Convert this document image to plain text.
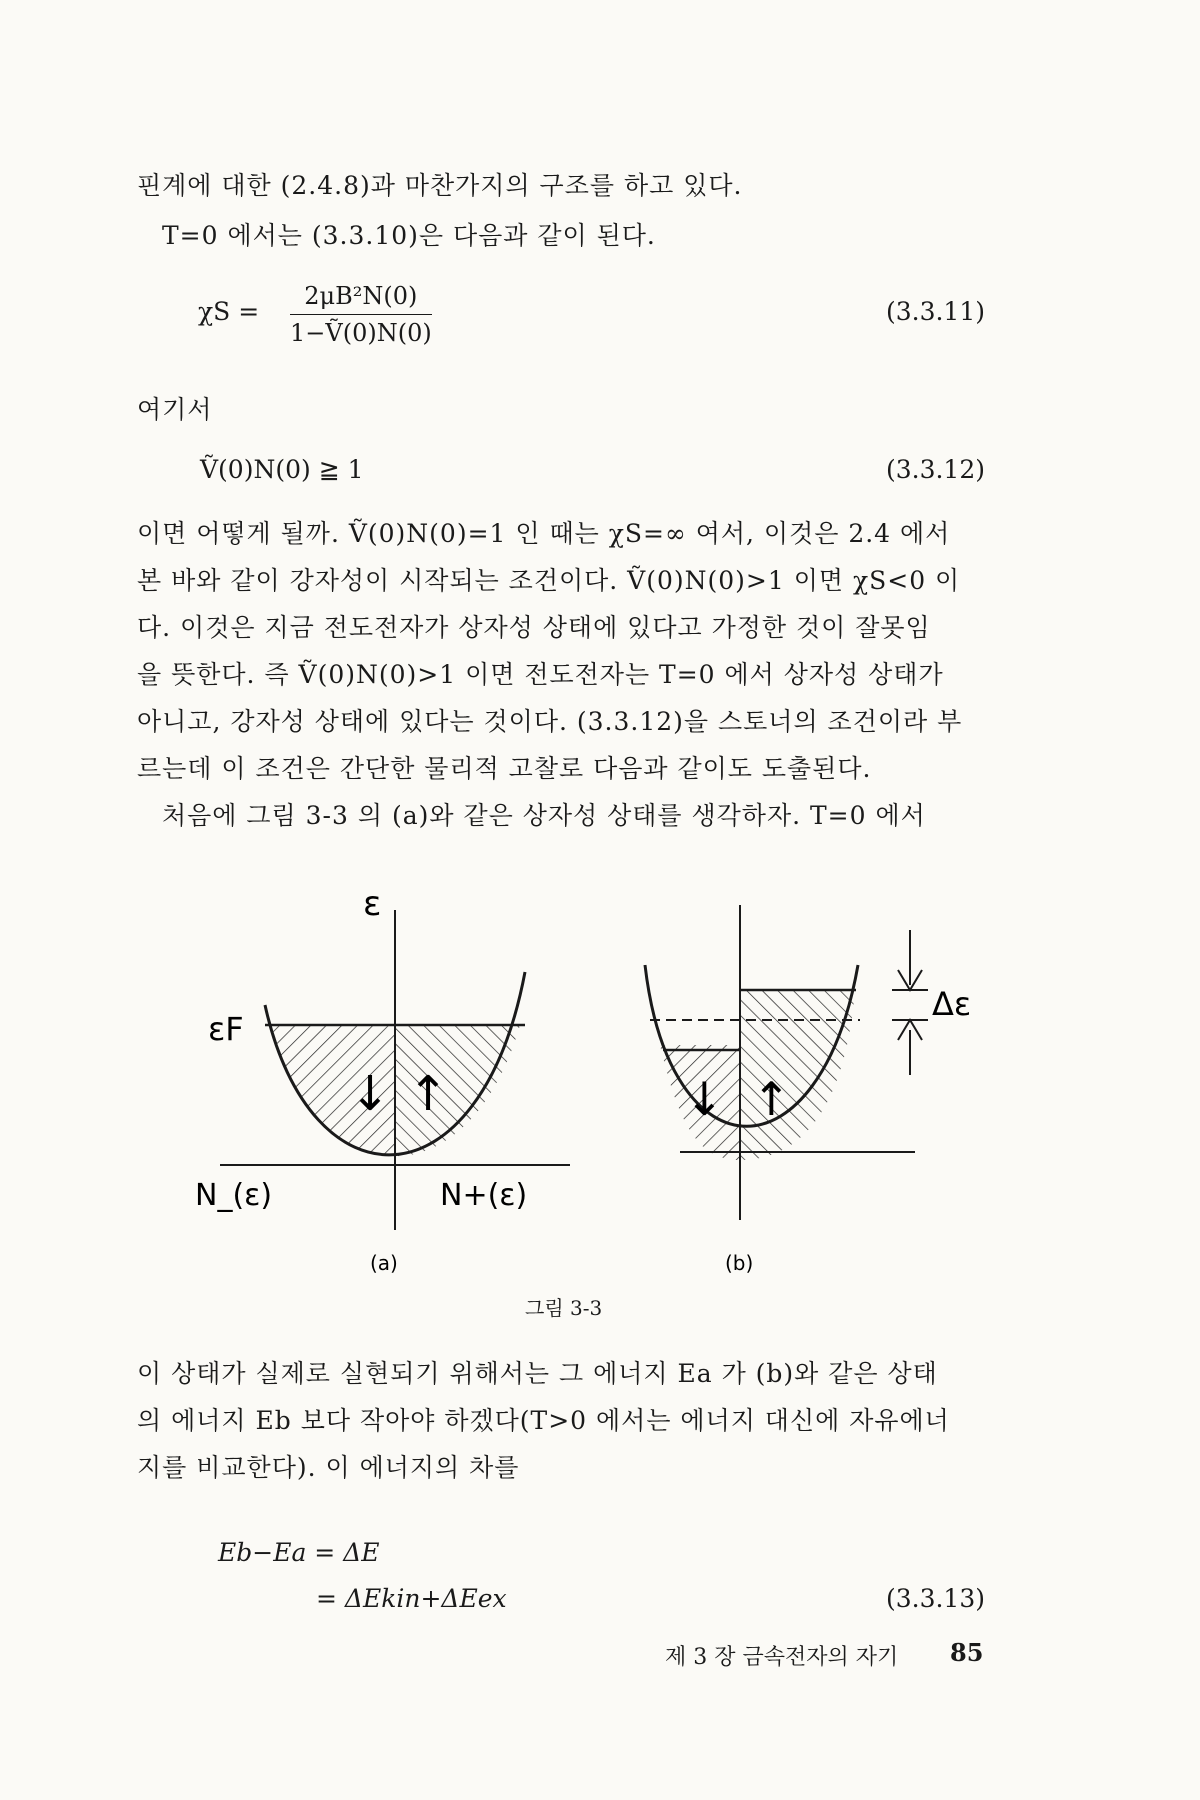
핀계에 대한 (2.4.8)과 마찬가지의 구조를 하고 있다.
T=0 에서는 (3.3.10)은 다음과 같이 된다.
$\chi S = \frac{\text{2μB²N(0)}}{\text{1−Ṽ(0)N(0)}}$	(3.3.11)
여기서
Ṽ(0)N(0) ≧ 1	(3.3.12)
이면 어떻게 될까. Ṽ(0)N(0)=1 인 때는 χS=∞ 여서, 이것은 2.4 에서
본 바와 같이 강자성이 시작되는 조건이다. Ṽ(0)N(0)>1 이면 χS<0 이
다. 이것은 지금 전도전자가 상자성 상태에 있다고 가정한 것이 잘못임
을 뜻한다. 즉 Ṽ(0)N(0)>1 이면 전도전자는 T=0 에서 상자성 상태가
아니고, 강자성 상태에 있다는 것이다. (3.3.12)을 스토너의 조건이라 부
르는데 이 조건은 간단한 물리적 고찰로 다음과 같이도 도출된다.
처음에 그림 3-3 의 (a)와 같은 상자성 상태를 생각하자. T=0 에서
ε
εF
↓ ↑
N_(ε)	N+(ε)
Δε
↓ ↑
(a)	(b)
그림 3-3
이 상태가 실제로 실현되기 위해서는 그 에너지 Ea 가 (b)와 같은 상태
의 에너지 Eb 보다 작아야 하겠다(T>0 에서는 에너지 대신에 자유에너
지를 비교한다). 이 에너지의 차를
Eb−Ea = ΔE
= ΔEkin+ΔEex	(3.3.13)
제 3 장 금속전자의 자기 85
